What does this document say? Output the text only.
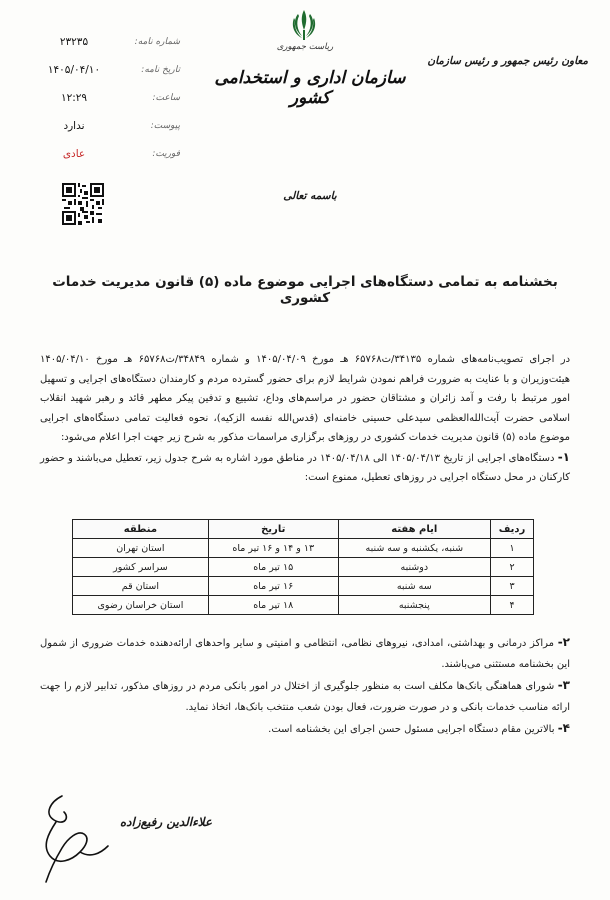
شماره نامه:
۲۳۲۳۵
تاریخ نامه:
۱۴۰۵/۰۴/۱۰
ساعت:
۱۲:۲۹
پیوست:
ندارد
فوریت:
عادی
ریاست جمهوری
سازمان اداری و استخدامی کشور
معاون رئیس جمهور و رئیس سازمان
باسمه تعالی
بخشنامه به تمامی دستگاه‌های اجرایی موضوع ماده (۵) قانون مدیریت خدمات کشوری

در اجرای تصویب‌نامه‌های شماره ۳۴۱۳۵/ت۶۵۷۶۸ هـ مورخ ۱۴۰۵/۰۴/۰۹ و شماره ۳۴۸۴۹/ت۶۵۷۶۸ هـ مورخ ۱۴۰۵/۰۴/۱۰ هیئت‌وزیران و با عنایت به ضرورت فراهم نمودن شرایط لازم برای حضور گسترده مردم و کارمندان دستگاه‌های اجرایی و تسهیل امور مرتبط با رفت و آمد زائران و مشتاقان حضور در مراسم‌های وداع، تشییع و تدفین پیکر مطهر قائد و رهبر شهید انقلاب اسلامی حضرت آیت‌الله‌العظمی سیدعلی حسینی خامنه‌ای (قدس‌الله نفسه الزکیه)، نحوه فعالیت تمامی دستگاه‌های اجرایی موضوع ماده (۵) قانون مدیریت خدمات کشوری در روزهای برگزاری مراسمات مذکور به شرح زیر جهت اجرا اعلام می‌شود:

۱- دستگاه‌های اجرایی از تاریخ ۱۴۰۵/۰۴/۱۳ الی ۱۴۰۵/۰۴/۱۸ در مناطق مورد اشاره به شرح جدول زیر، تعطیل می‌باشند و حضور کارکنان در محل دستگاه اجرایی در روزهای تعطیل، ممنوع است:

ردیف	ایام هفته	تاریخ	منطقه
۱	شنبه، یکشنبه و سه شنبه	۱۳ و ۱۴ و ۱۶ تیر ماه	استان تهران
۲	دوشنبه	۱۵ تیر ماه	سراسر کشور
۳	سه شنبه	۱۶ تیر ماه	استان قم
۴	پنجشنبه	۱۸ تیر ماه	استان خراسان رضوی

۲- مراکز درمانی و بهداشتی، امدادی، نیروهای نظامی، انتظامی و امنیتی و سایر واحدهای ارائه‌دهنده خدمات ضروری از شمول این بخشنامه مستثنی می‌باشند.

۳- شورای هماهنگی بانک‌ها مکلف است به منظور جلوگیری از اختلال در امور بانکی مردم در روزهای مذکور، تدابیر لازم را جهت ارائه مناسب خدمات بانکی و در صورت ضرورت، فعال بودن شعب منتخب بانک‌ها، اتخاذ نماید.

۴- بالاترین مقام دستگاه اجرایی مسئول حسن اجرای این بخشنامه است.

علاءالدین رفیع‌زاده
